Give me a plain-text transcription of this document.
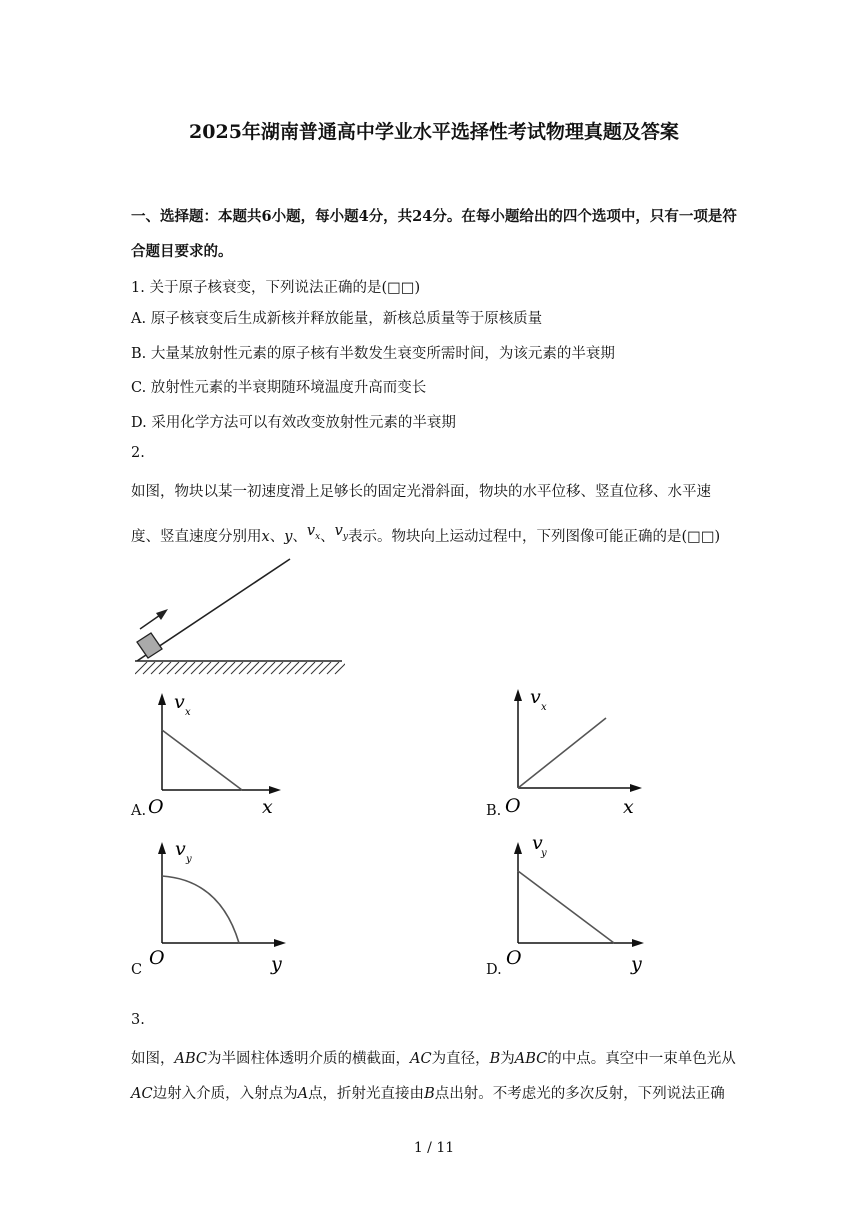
2025年湖南普通高中学业水平选择性考试物理真题及答案
一、选择题：本题共6小题，每小题4分，共24分。在每小题给出的四个选项中，只有一项是符
合题目要求的。
1. 关于原子核衰变，下列说法正确的是(□□)
A. 原子核衰变后生成新核并释放能量，新核总质量等于原核质量
B. 大量某放射性元素的原子核有半数发生衰变所需时间，为该元素的半衰期
C. 放射性元素的半衰期随环境温度升高而变长
D. 采用化学方法可以有效改变放射性元素的半衰期
2.
如图，物块以某一初速度滑上足够长的固定光滑斜面，物块的水平位移、竖直位移、水平速
度、竖直速度分别用x、y、$v_x$、$v_y$表示。物块向上运动过程中，下列图像可能正确的是(□□)
A.
v x
O	x	B.
v x
O	x
C
v y
O	y	D.
v
y
O	y
3.
如图，ABC为半圆柱体透明介质的横截面，AC为直径，B为ABC的中点。真空中一束单色光从
AC边射入介质，入射点为A点，折射光直接由B点出射。不考虑光的多次反射，下列说法正确
1 / 11
